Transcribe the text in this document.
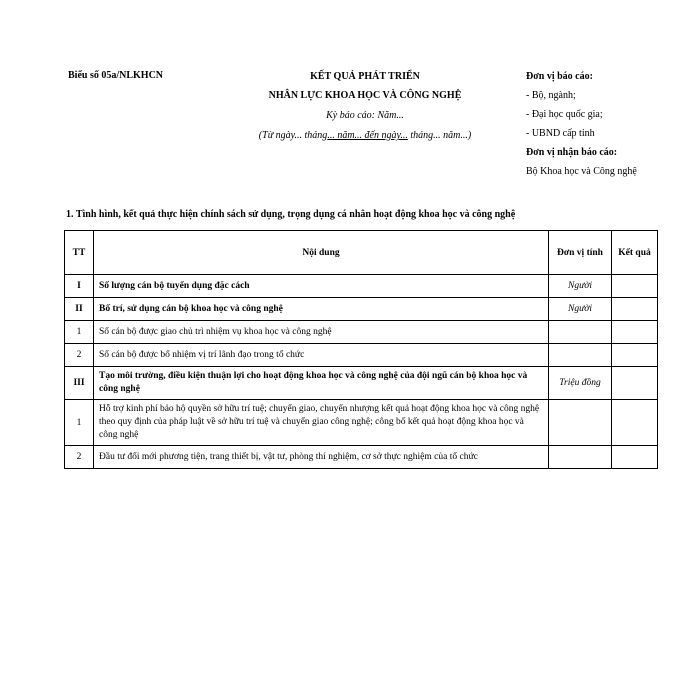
Biểu số 05a/NLKHCN	KẾT QUẢ PHÁT TRIỂN
NHÂN LỰC KHOA HỌC VÀ CÔNG NGHỆ
Kỳ báo cáo: Năm...
(Từ ngày... tháng... năm... đến ngày... tháng... năm...)
Đơn vị báo cáo:
- Bộ, ngành;
- Đại học quốc gia;
- UBND cấp tỉnh
Đơn vị nhận báo cáo:
Bộ Khoa học và Công nghệ
1. Tình hình, kết quả thực hiện chính sách sử dụng, trọng dụng cá nhân hoạt động khoa học và công nghệ
TT	Nội dung	Đơn vị tính	Kết quả
I	Số lượng cán bộ tuyển dụng đặc cách	Người	
II	Bố trí, sử dụng cán bộ khoa học và công nghệ	Người	
1	Số cán bộ được giao chủ trì nhiệm vụ khoa học và công nghệ		
2	Số cán bộ được bổ nhiệm vị trí lãnh đạo trong tổ chức		
III	Tạo môi trường, điều kiện thuận lợi cho hoạt động khoa học và công nghệ của đội ngũ cán bộ khoa học và công nghệ	Triệu đồng	
1	Hỗ trợ kinh phí bảo hộ quyền sở hữu trí tuệ; chuyển giao, chuyển nhượng kết quả hoạt động khoa học và công nghệ theo quy định của pháp luật về sở hữu trí tuệ và chuyển giao công nghệ; công bố kết quả hoạt động khoa học và công nghệ		
2	Đầu tư đổi mới phương tiện, trang thiết bị, vật tư, phòng thí nghiệm, cơ sở thực nghiệm của tổ chức		
